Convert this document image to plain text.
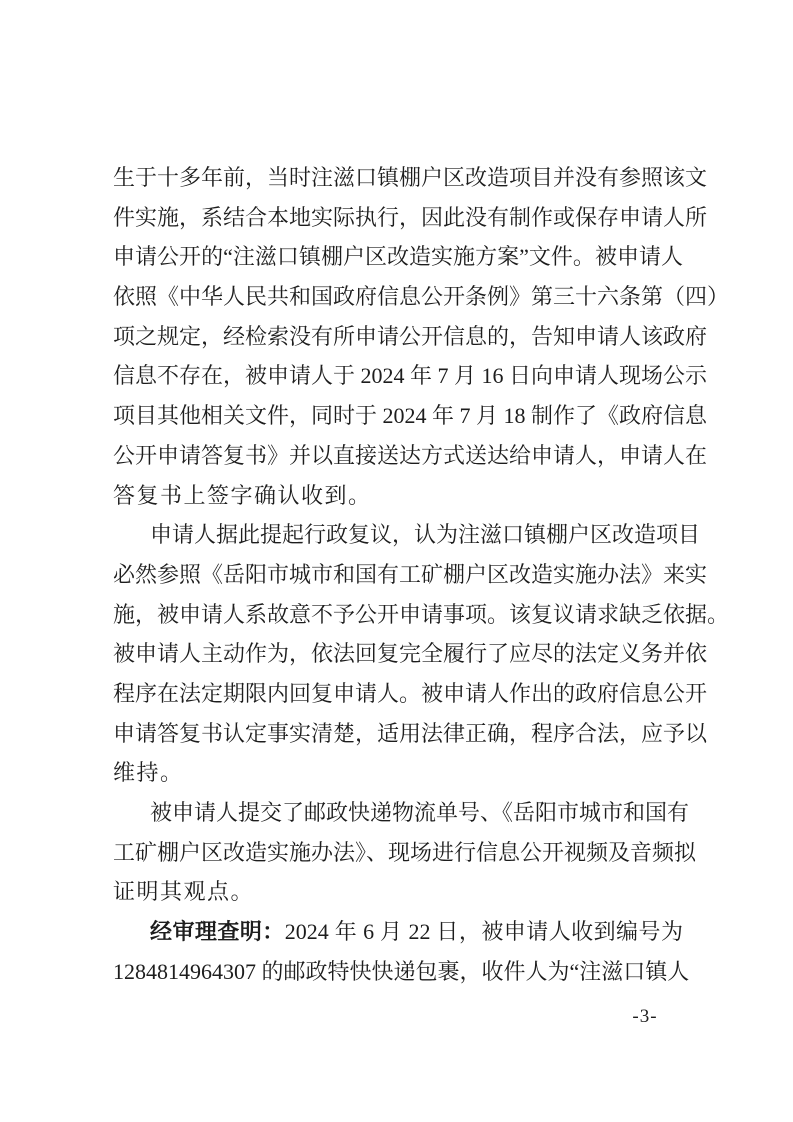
生于十多年前，当时注滋口镇棚户区改造项目并没有参照该文
件实施，系结合本地实际执行，因此没有制作或保存申请人所
申请公开的“注滋口镇棚户区改造实施方案”文件。被申请人
依照《中华人民共和国政府信息公开条例》第三十六条第（四）
项之规定，经检索没有所申请公开信息的，告知申请人该政府
信息不存在，被申请人于 2024 年 7 月 16 日向申请人现场公示
项目其他相关文件，同时于 2024 年 7 月 18 制作了《政府信息
公开申请答复书》并以直接送达方式送达给申请人，申请人在
答复书上签字确认收到。
申请人据此提起行政复议，认为注滋口镇棚户区改造项目
必然参照《岳阳市城市和国有工矿棚户区改造实施办法》来实
施，被申请人系故意不予公开申请事项。该复议请求缺乏依据。
被申请人主动作为，依法回复完全履行了应尽的法定义务并依
程序在法定期限内回复申请人。被申请人作出的政府信息公开
申请答复书认定事实清楚，适用法律正确，程序合法，应予以
维持。
被申请人提交了邮政快递物流单号、《岳阳市城市和国有
工矿棚户区改造实施办法》、现场进行信息公开视频及音频拟
证明其观点。
经审理查明：2024 年 6 月 22 日，被申请人收到编号为
1284814964307 的邮政特快快递包裹，收件人为“注滋口镇人
-3-
